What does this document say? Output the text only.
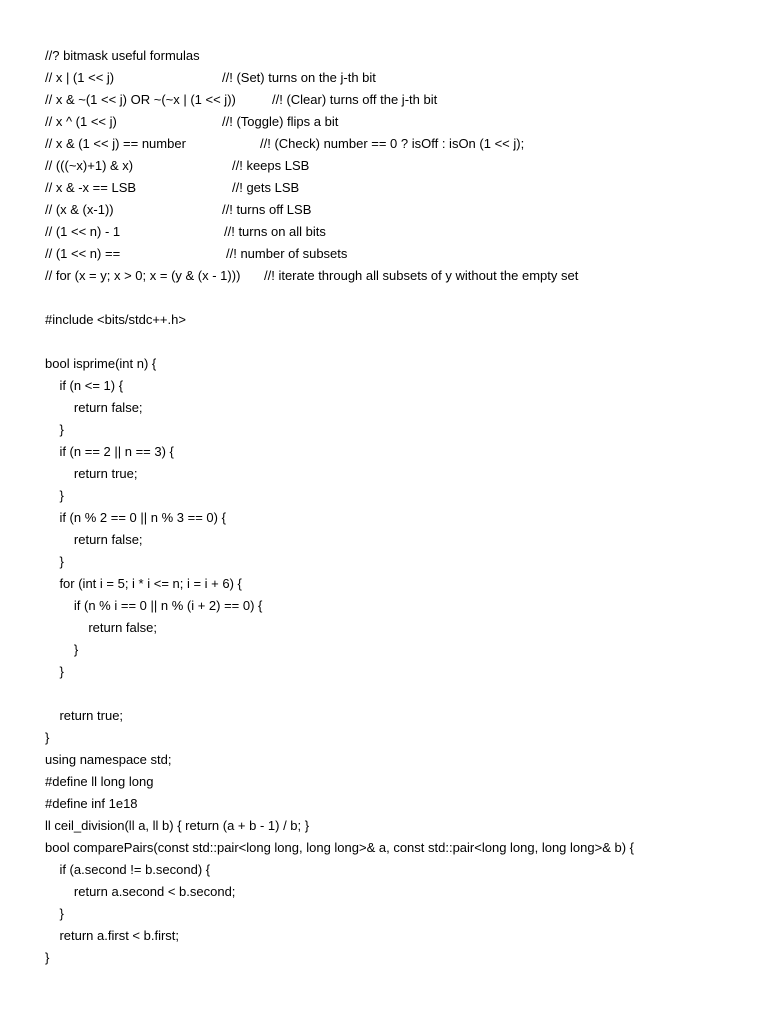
//? bitmask useful formulas
// x | (1 << j)	//! (Set) turns on the j-th bit
// x & ~(1 << j) OR ~(~x | (1 << j))	//! (Clear) turns off the j-th bit
// x ^ (1 << j)	//! (Toggle) flips a bit
// x & (1 << j) == number	//! (Check) number == 0 ? isOff : isOn (1 << j);
// (((~x)+1) & x)	//! keeps LSB
// x & -x == LSB	//! gets LSB
// (x & (x-1))	//! turns off LSB
// (1 << n) - 1	//! turns on all bits
// (1 << n) ==	//! number of subsets
// for (x = y; x > 0; x = (y & (x - 1))) //! iterate through all subsets of y without the empty set
#include <bits/stdc++.h>
bool isprime(int n) {
if (n <= 1) {
return false;
}
if (n == 2 || n == 3) {
return true;
}
if (n % 2 == 0 || n % 3 == 0) {
return false;
}
for (int i = 5; i * i <= n; i = i + 6) {
if (n % i == 0 || n % (i + 2) == 0) {
return false;
}
}
return true;
}
using namespace std;
#define ll long long
#define inf 1e18
ll ceil_division(ll a, ll b) { return (a + b - 1) / b; }
bool comparePairs(const std::pair<long long, long long>& a, const std::pair<long long, long long>& b) {
if (a.second != b.second) {
return a.second < b.second;
}
return a.first < b.first;
}
